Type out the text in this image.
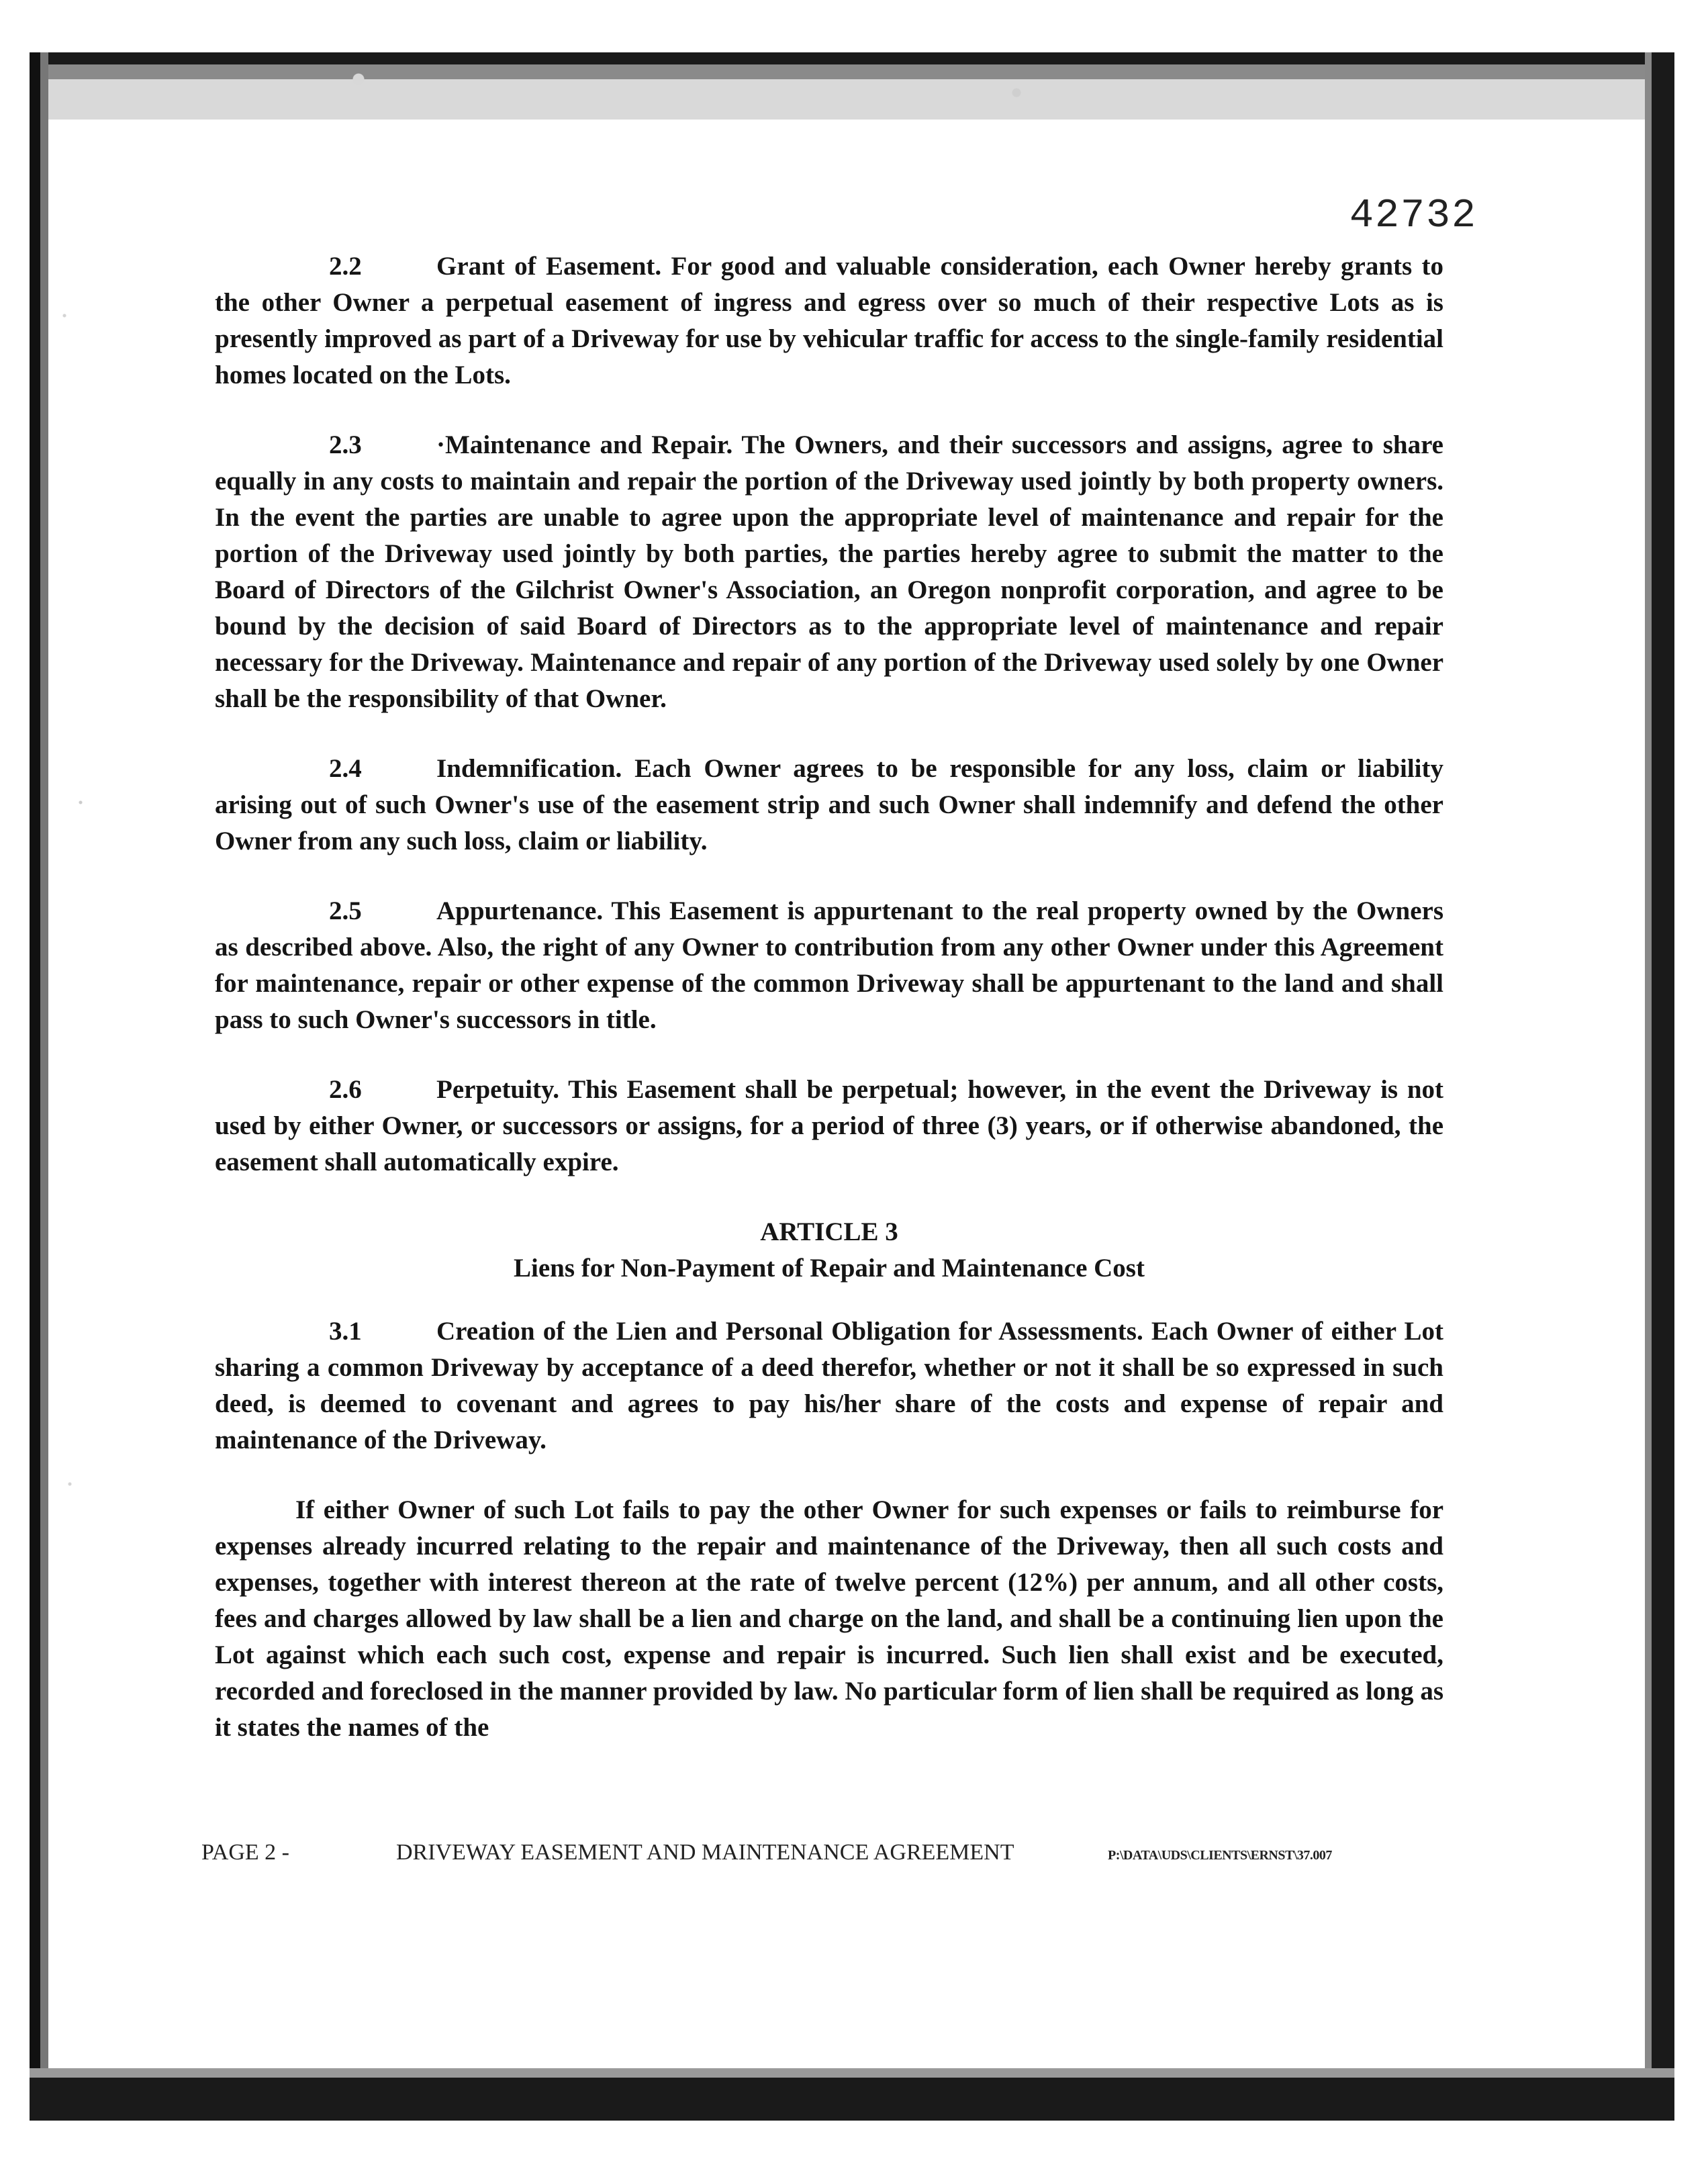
42732

2.2	Grant of Easement. For good and valuable consideration, each Owner hereby grants to the other Owner a perpetual easement of ingress and egress over so much of their respective Lots as is presently improved as part of a Driveway for use by vehicular traffic for access to the single-family residential homes located on the Lots.

2.3	·Maintenance and Repair. The Owners, and their successors and assigns, agree to share equally in any costs to maintain and repair the portion of the Driveway used jointly by both property owners. In the event the parties are unable to agree upon the appropriate level of maintenance and repair for the portion of the Driveway used jointly by both parties, the parties hereby agree to submit the matter to the Board of Directors of the Gilchrist Owner's Association, an Oregon nonprofit corporation, and agree to be bound by the decision of said Board of Directors as to the appropriate level of maintenance and repair necessary for the Driveway. Maintenance and repair of any portion of the Driveway used solely by one Owner shall be the responsibility of that Owner.

2.4	Indemnification. Each Owner agrees to be responsible for any loss, claim or liability arising out of such Owner's use of the easement strip and such Owner shall indemnify and defend the other Owner from any such loss, claim or liability.

2.5	Appurtenance. This Easement is appurtenant to the real property owned by the Owners as described above. Also, the right of any Owner to contribution from any other Owner under this Agreement for maintenance, repair or other expense of the common Driveway shall be appurtenant to the land and shall pass to such Owner's successors in title.

2.6	Perpetuity. This Easement shall be perpetual; however, in the event the Driveway is not used by either Owner, or successors or assigns, for a period of three (3) years, or if otherwise abandoned, the easement shall automatically expire.

ARTICLE 3
Liens for Non-Payment of Repair and Maintenance Cost

3.1	Creation of the Lien and Personal Obligation for Assessments. Each Owner of either Lot sharing a common Driveway by acceptance of a deed therefor, whether or not it shall be so expressed in such deed, is deemed to covenant and agrees to pay his/her share of the costs and expense of repair and maintenance of the Driveway.

If either Owner of such Lot fails to pay the other Owner for such expenses or fails to reimburse for expenses already incurred relating to the repair and maintenance of the Driveway, then all such costs and expenses, together with interest thereon at the rate of twelve percent (12%) per annum, and all other costs, fees and charges allowed by law shall be a lien and charge on the land, and shall be a continuing lien upon the Lot against which each such cost, expense and repair is incurred. Such lien shall exist and be executed, recorded and foreclosed in the manner provided by law. No particular form of lien shall be required as long as it states the names of the

PAGE 2 -	DRIVEWAY EASEMENT AND MAINTENANCE AGREEMENT	P:\DATA\UDS\CLIENTS\ERNST\37.007
